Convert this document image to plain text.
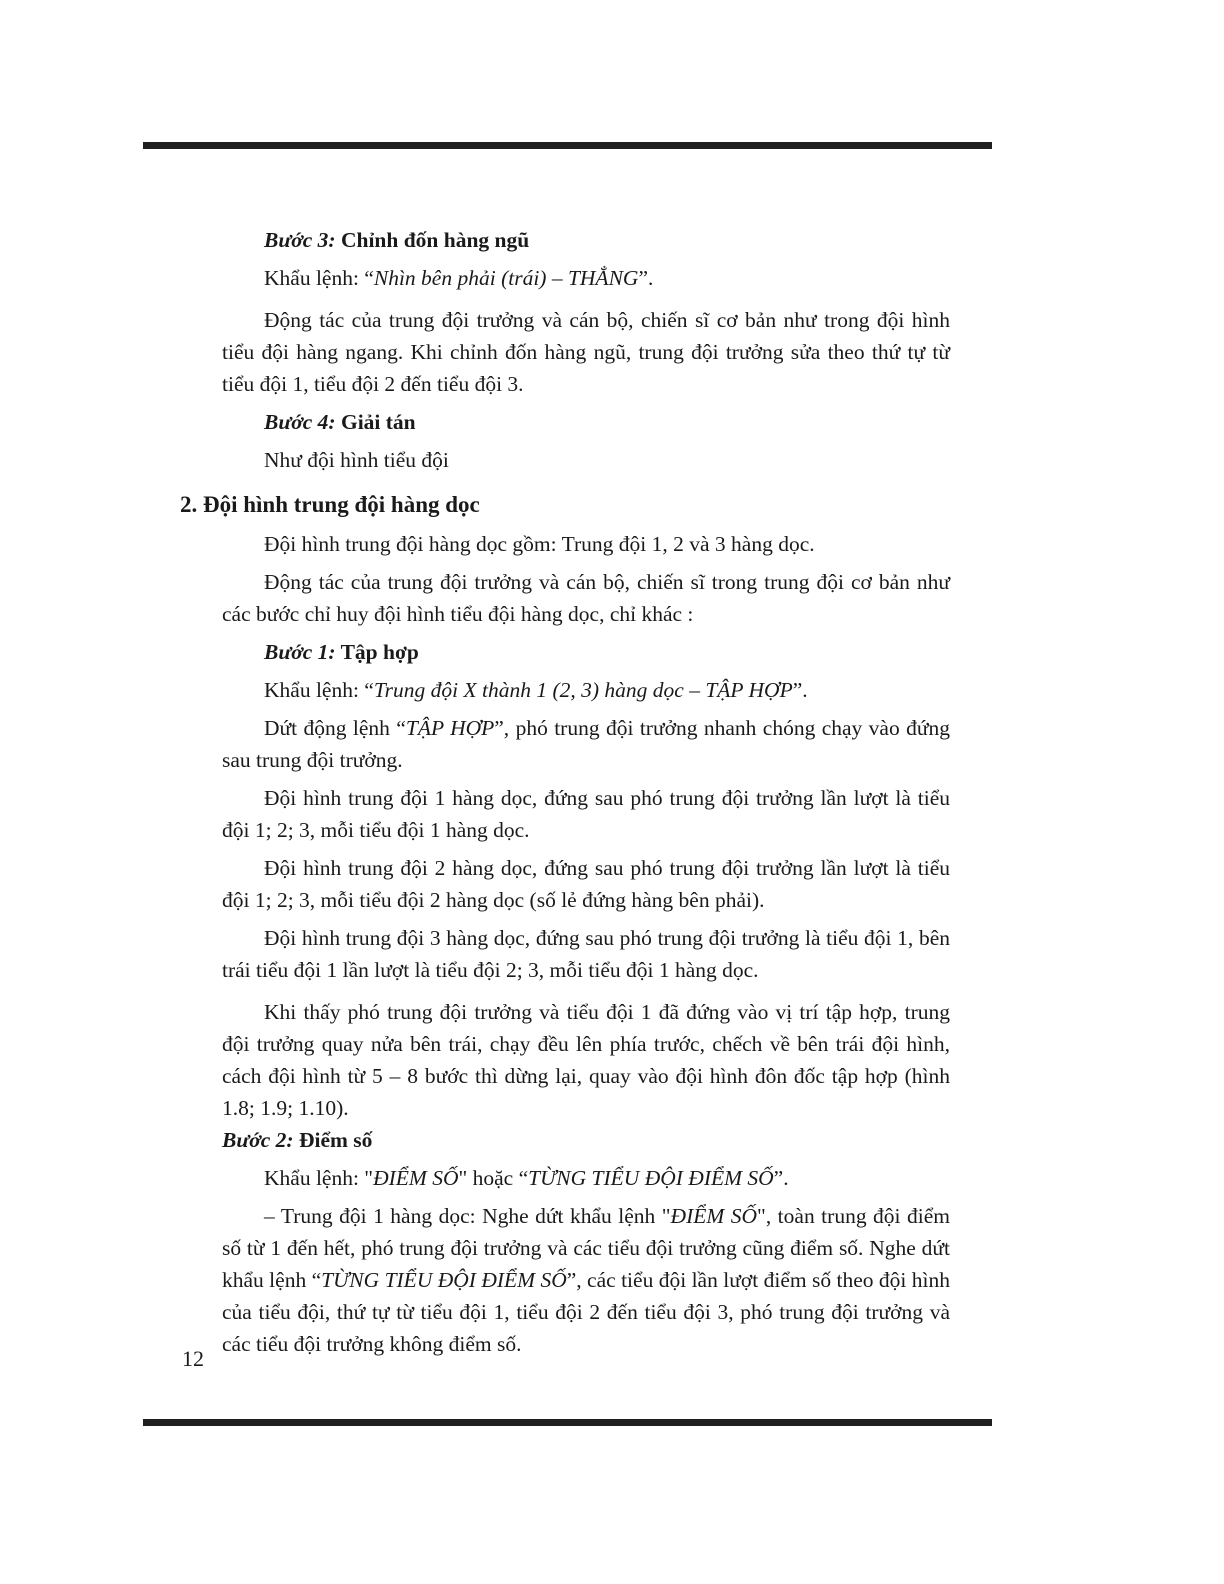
Bước 3: Chỉnh đốn hàng ngũ

Khẩu lệnh: “Nhìn bên phải (trái) – THẲNG”.

Động tác của trung đội trưởng và cán bộ, chiến sĩ cơ bản như trong đội hình tiểu đội hàng ngang. Khi chỉnh đốn hàng ngũ, trung đội trưởng sửa theo thứ tự từ tiểu đội 1, tiểu đội 2 đến tiểu đội 3.

Bước 4: Giải tán

Như đội hình tiểu đội

2. Đội hình trung đội hàng dọc

Đội hình trung đội hàng dọc gồm: Trung đội 1, 2 và 3 hàng dọc.

Động tác của trung đội trưởng và cán bộ, chiến sĩ trong trung đội cơ bản như các bước chỉ huy đội hình tiểu đội hàng dọc, chỉ khác :

Bước 1: Tập hợp

Khẩu lệnh: “Trung đội X thành 1 (2, 3) hàng dọc – TẬP HỢP”.

Dứt động lệnh “TẬP HỢP”, phó trung đội trưởng nhanh chóng chạy vào đứng sau trung đội trưởng.

Đội hình trung đội 1 hàng dọc, đứng sau phó trung đội trưởng lần lượt là tiểu đội 1; 2; 3, mỗi tiểu đội 1 hàng dọc.

Đội hình trung đội 2 hàng dọc, đứng sau phó trung đội trưởng lần lượt là tiểu đội 1; 2; 3, mỗi tiểu đội 2 hàng dọc (số lẻ đứng hàng bên phải).

Đội hình trung đội 3 hàng dọc, đứng sau phó trung đội trưởng là tiểu đội 1, bên trái tiểu đội 1 lần lượt là tiểu đội 2; 3, mỗi tiểu đội 1 hàng dọc.

Khi thấy phó trung đội trưởng và tiểu đội 1 đã đứng vào vị trí tập hợp, trung đội trưởng quay nửa bên trái, chạy đều lên phía trước, chếch về bên trái đội hình, cách đội hình từ 5 – 8 bước thì dừng lại, quay vào đội hình đôn đốc tập hợp (hình 1.8; 1.9; 1.10).

Bước 2: Điểm số

Khẩu lệnh: "ĐIỂM SỐ" hoặc “TỪNG TIỂU ĐỘI ĐIỂM SỐ”.

– Trung đội 1 hàng dọc: Nghe dứt khẩu lệnh "ĐIỂM SỐ", toàn trung đội điểm số từ 1 đến hết, phó trung đội trưởng và các tiểu đội trưởng cũng điểm số. Nghe dứt khẩu lệnh “TỪNG TIỂU ĐỘI ĐIỂM SỐ”, các tiểu đội lần lượt điểm số theo đội hình của tiểu đội, thứ tự từ tiểu đội 1, tiểu đội 2 đến tiểu đội 3, phó trung đội trưởng và các tiểu đội trưởng không điểm số.

12
